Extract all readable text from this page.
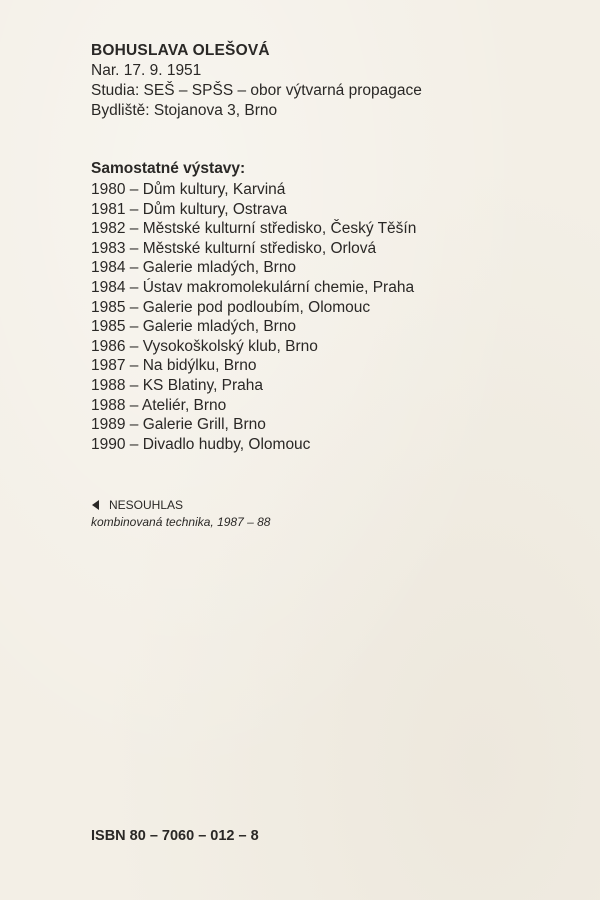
BOHUSLAVA OLEŠOVÁ
Nar. 17. 9. 1951
Studia: SEŠ – SPŠS – obor výtvarná propagace
Bydliště: Stojanova 3, Brno
Samostatné výstavy:
1980 – Dům kultury, Karviná
1981 – Dům kultury, Ostrava
1982 – Městské kulturní středisko, Český Těšín
1983 – Městské kulturní středisko, Orlová
1984 – Galerie mladých, Brno
1984 – Ústav makromolekulární chemie, Praha
1985 – Galerie pod podloubím, Olomouc
1985 – Galerie mladých, Brno
1986 – Vysokoškolský klub, Brno
1987 – Na bidýlku, Brno
1988 – KS Blatiny, Praha
1988 – Ateliér, Brno
1989 – Galerie Grill, Brno
1990 – Divadlo hudby, Olomouc
NESOUHLAS
kombinovaná technika, 1987 – 88
ISBN 80 – 7060 – 012 – 8
